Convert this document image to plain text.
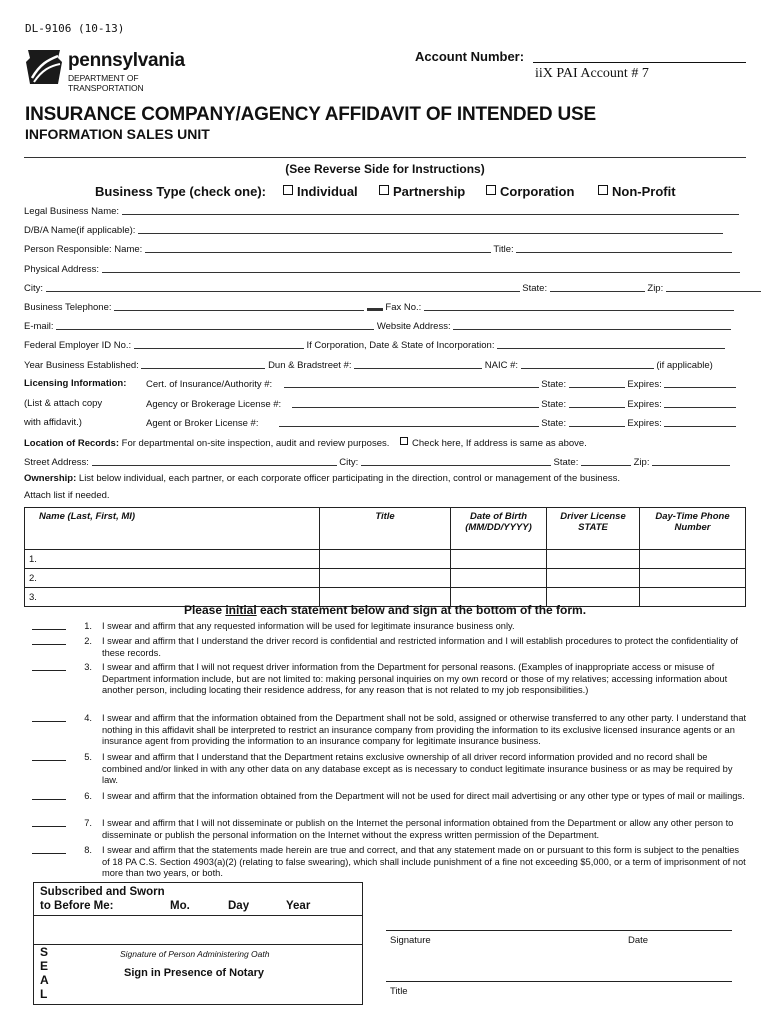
DL-9106 (10-13)
pennsylvania
DEPARTMENT OF TRANSPORTATION
Account Number:
iiX PAI Account # 7
INSURANCE COMPANY/AGENCY AFFIDAVIT OF INTENDED USE
INFORMATION SALES UNIT
(See Reverse Side for Instructions)
Business Type (check one):	Individual	Partnership	Corporation	Non-Profit
Legal Business Name:
D/B/A Name(if applicable):
Person Responsible: Name:	Title:
Physical Address:
City:	State:	Zip:
Business Telephone:	Fax No.:
E-mail:	Website Address:
Federal Employer ID No.:	If Corporation, Date & State of Incorporation:
Year Business Established:	Dun & Bradstreet #:	NAIC #:	(if applicable)
Licensing Information:
(List & attach copy
with affidavit.)
Cert. of Insurance/Authority #:	State:	Expires:
Agency or Brokerage License #:	State:	Expires:
Agent or Broker License #:	State:	Expires:
Location of Records: For departmental on-site inspection, audit and review purposes. Check here, If address is same as above.
Street Address:	City:	State:	Zip:
Ownership: List below individual, each partner, or each corporate officer participating in the direction, control or management of the business.
Attach list if needed.
Name (Last, First, MI)	Title	Date of Birth (MM/DD/YYYY)	Driver License STATE	Day-Time Phone Number
1.				
2.				
3.				
Please initial each statement below and sign at the bottom of the form.
1. I swear and affirm that any requested information will be used for legitimate insurance business only.
2. I swear and affirm that I understand the driver record is confidential and restricted information and I will establish procedures to protect the confidentiality of these records.
3. I swear and affirm that I will not request driver information from the Department for personal reasons. (Examples of inappropriate access or misuse of Department information include, but are not limited to: making personal inquiries on my own record or those of my relatives; accessing information about another person, including locating their residence address, for any reason that is not related to my job responsibilities.)
4. I swear and affirm that the information obtained from the Department shall not be sold, assigned or otherwise transferred to any other party. I understand that nothing in this affidavit shall be interpreted to restrict an insurance company from providing the information to its exclusive licensed insurance agents or an insurance agent from providing the information to an insurance company for legitimate insurance business.
5. I swear and affirm that I understand that the Department retains exclusive ownership of all driver record information provided and no record shall be combined and/or linked in with any other data on any database except as is necessary to conduct legitimate insurance business or as may be required by law.
6. I swear and affirm that the information obtained from the Department will not be used for direct mail advertising or any other type or types of mail or mailings.
7. I swear and affirm that I will not disseminate or publish on the Internet the personal information obtained from the Department or allow any other person to disseminate or publish the personal information on the Internet without the express written permission of the Department.
8. I swear and affirm that the statements made herein are true and correct, and that any statement made on or pursuant to this form is subject to the penalties of 18 PA C.S. Section 4903(a)(2) (relating to false swearing), which shall include punishment of a fine not exceeding $5,000, or a term of imprisonment of not more than two years, or both.
Subscribed and Sworn
to Before Me:	Mo.	Day	Year
S
E
A
L
Signature of Person Administering Oath
Sign in Presence of Notary
Signature	Date
Title
